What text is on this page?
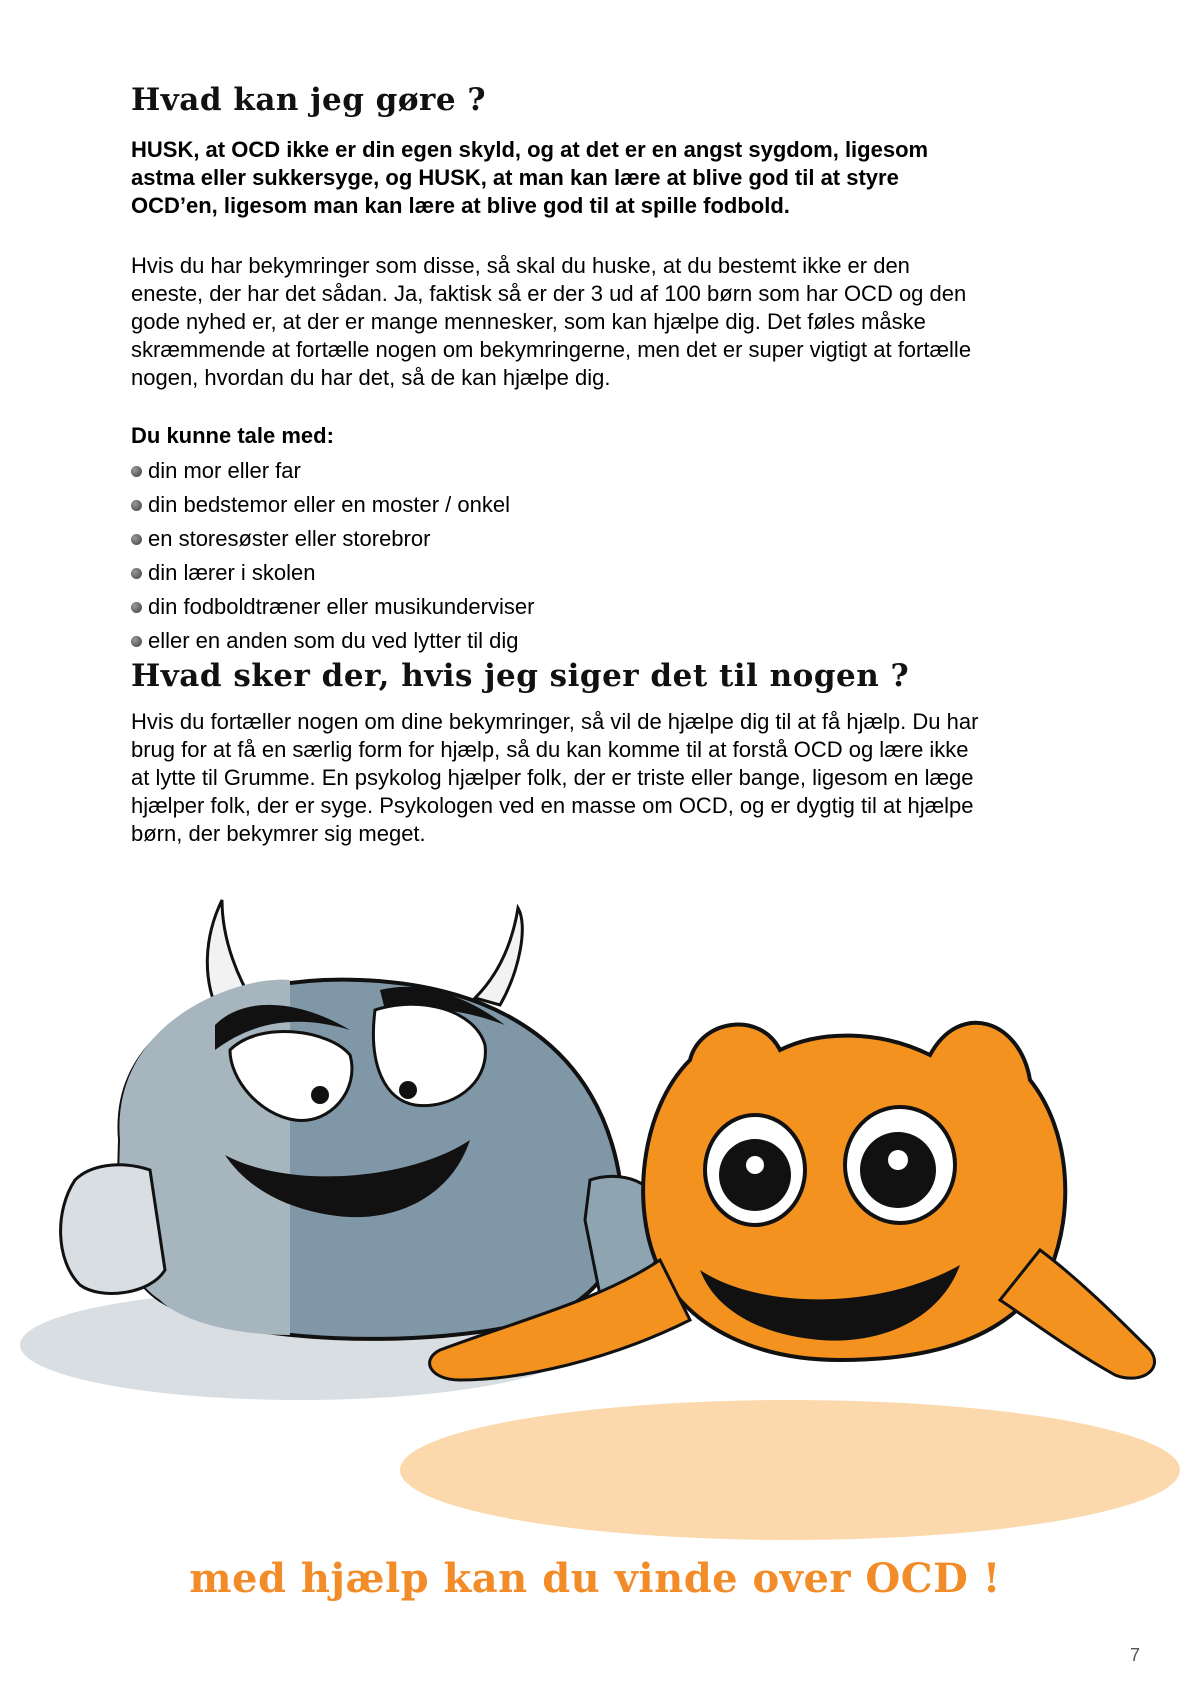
Hvad kan jeg gøre ?

HUSK, at OCD ikke er din egen skyld, og at det er en angst sygdom, ligesom
astma eller sukkersyge, og HUSK, at man kan lære at blive god til at styre
OCD’en, ligesom man kan lære at blive god til at spille fodbold.

Hvis du har bekymringer som disse, så skal du huske, at du bestemt ikke er den
eneste, der har det sådan. Ja, faktisk så er der 3 ud af 100 børn som har OCD og den
gode nyhed er, at der er mange mennesker, som kan hjælpe dig. Det føles måske
skræmmende at fortælle nogen om bekymringerne, men det er super vigtigt at fortælle
nogen, hvordan du har det, så de kan hjælpe dig.

Du kunne tale med:
din mor eller far
din bedstemor eller en moster / onkel
en storesøster eller storebror
din lærer i skolen
din fodboldtræner eller musikunderviser
eller en anden som du ved lytter til dig
Hvad sker der, hvis jeg siger det til nogen ?

Hvis du fortæller nogen om dine bekymringer, så vil de hjælpe dig til at få hjælp. Du har
brug for at få en særlig form for hjælp, så du kan komme til at forstå OCD og lære ikke
at lytte til Grumme. En psykolog hjælper folk, der er triste eller bange, ligesom en læge
hjælper folk, der er syge. Psykologen ved en masse om OCD, og er dygtig til at hjælpe
børn, der bekymrer sig meget.

med hjælp kan du vinde over OCD !
7
